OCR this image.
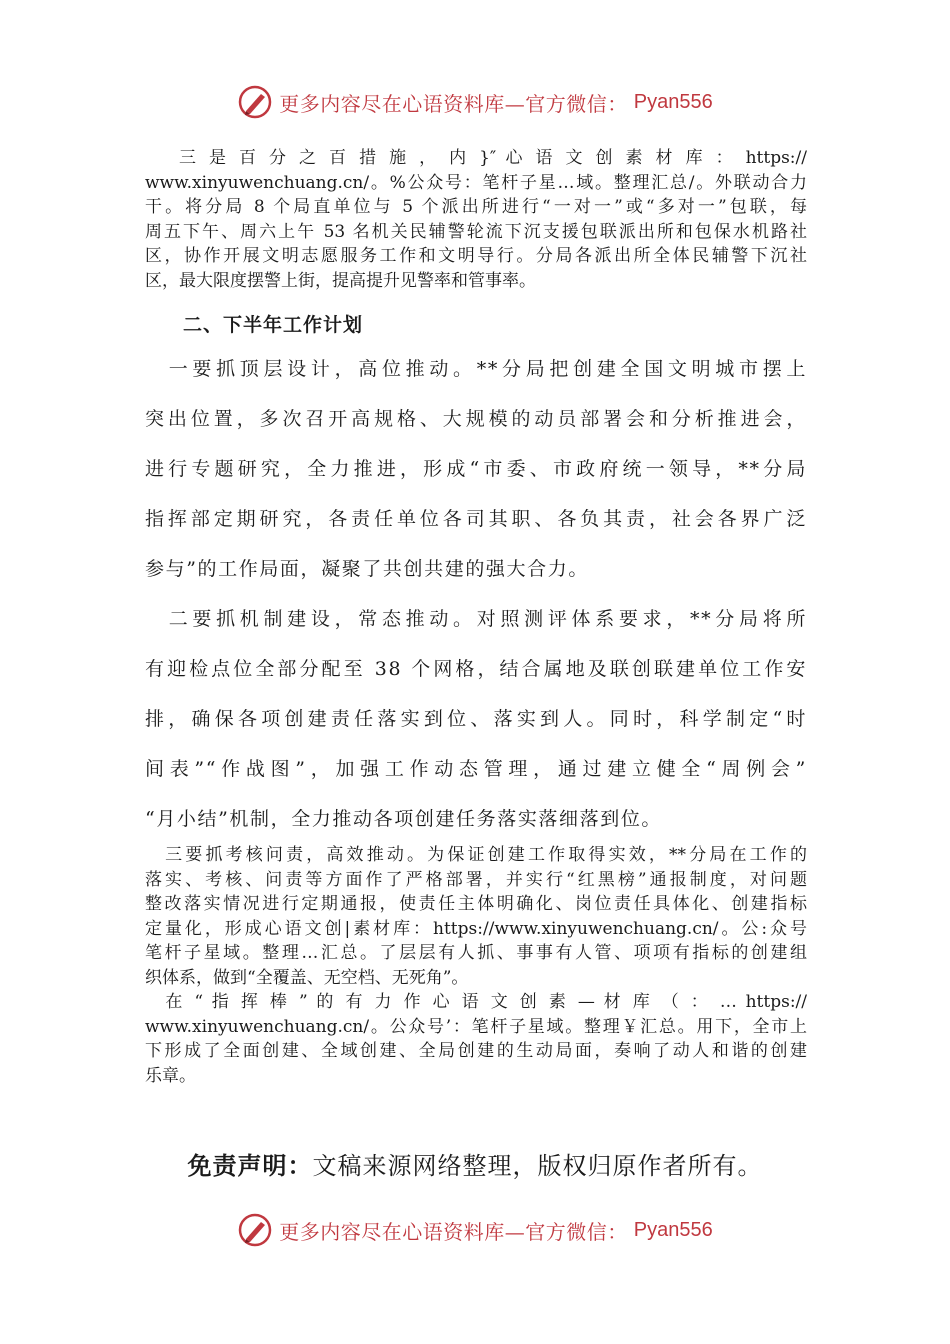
更多内容尽在心语资料库—官方微信： Pyan556

三 是 百 分 之 百 措 施 ， 内 }″ 心 语 文 创 素 材 库 ： https://
www.xinyuwenchuang.cn/。%公众号：笔杆子星…域。整理汇总/。外联动合力
干。将分局 8 个局直单位与 5 个派出所进行“一对一”或“多对一”包联，每
周五下午、周六上午 53 名机关民辅警轮流下沉支援包联派出所和包保水机路社
区，协作开展文明志愿服务工作和文明导行。分局各派出所全体民辅警下沉社
区，最大限度摆警上街，提高提升见警率和管事率。

二、下半年工作计划

　一要抓顶层设计，高位推动。**分局把创建全国文明城市摆上
突出位置，多次召开高规格、大规模的动员部署会和分析推进会，
进行专题研究，全力推进，形成“市委、市政府统一领导，**分局
指挥部定期研究，各责任单位各司其职、各负其责，社会各界广泛
参与”的工作局面，凝聚了共创共建的强大合力。

　二要抓机制建设，常态推动。对照测评体系要求，**分局将所
有迎检点位全部分配至 38 个网格，结合属地及联创联建单位工作安
排，确保各项创建责任落实到位、落实到人。同时，科学制定“时
间表”“作战图”，加强工作动态管理，通过建立健全“周例会”
“月小结”机制，全力推动各项创建任务落实落细落到位。

　三要抓考核问责，高效推动。为保证创建工作取得实效，**分局在工作的
落实、考核、问责等方面作了严格部署，并实行“红黑榜”通报制度，对问题
整改落实情况进行定期通报，使责任主体明确化、岗位责任具体化、创建指标
定量化，形成心语文创|素材库：https://www.xinyuwenchuang.cn/。公:众号
笔杆子星域。整理…汇总。了层层有人抓、事事有人管、项项有指标的创建组
织体系，做到“全覆盖、无空档、无死角”。

　在 “ 指 挥 棒 ” 的 有 力 作 心 语 文 创 素 — 材 库 （ ： … https://
www.xinyuwenchuang.cn/。公众号’：笔杆子星域。整理￥汇总。用下，全市上
下形成了全面创建、全域创建、全局创建的生动局面，奏响了动人和谐的创建
乐章。

免责声明：文稿来源网络整理，版权归原作者所有。
更多内容尽在心语资料库—官方微信： Pyan556
